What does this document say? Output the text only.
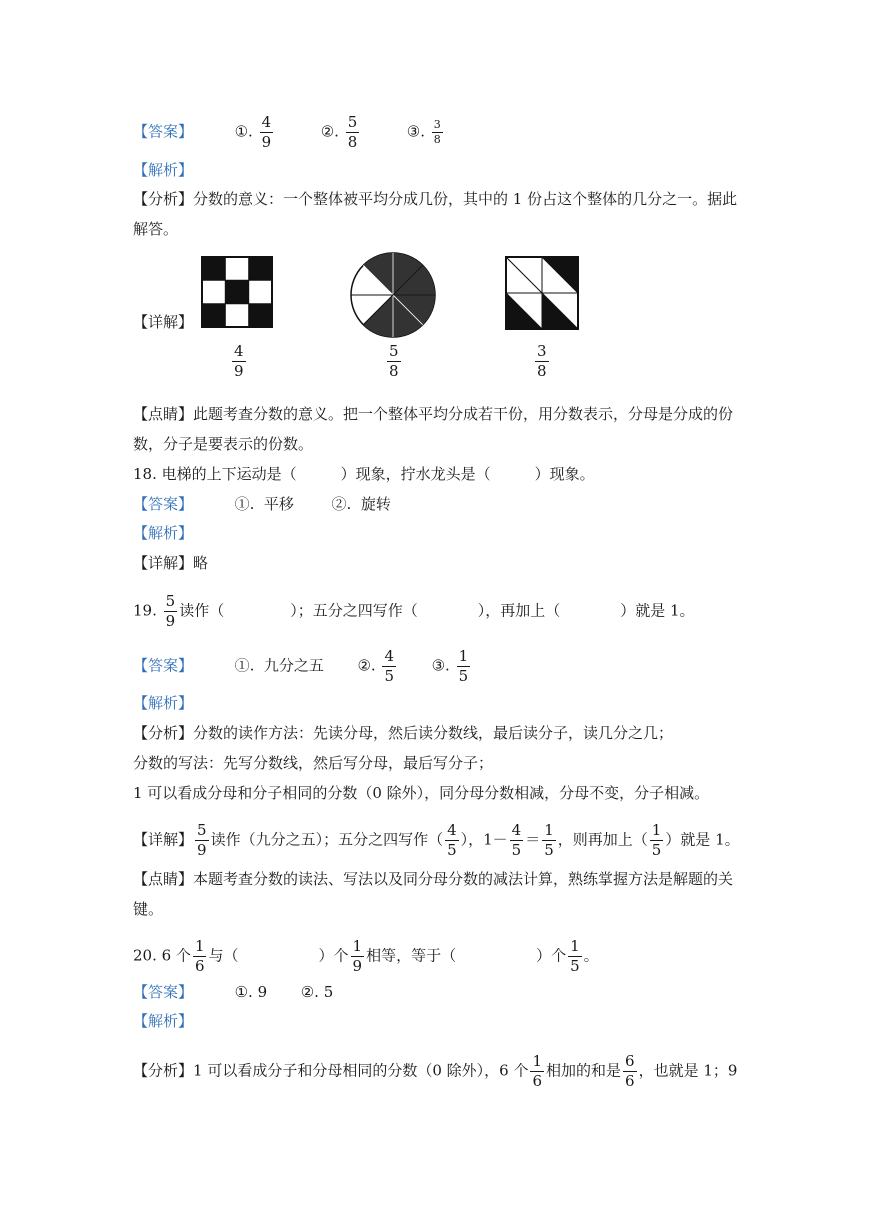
【答案】	①. $\frac{4}{9}$	②. $\frac{5}{8}$	③. $\frac{3}{8}$
【解析】
【分析】分数的意义：一个整体被平均分成几份，其中的 1 份占这个整体的几分之一。据此
解答。
【详解】
$\frac{4}{9}$	$\frac{5}{8}$	$\frac{3}{8}$
【点睛】此题考查分数的意义。把一个整体平均分成若干份，用分数表示，分母是分成的份
数，分子是要表示的份数。
18. 电梯的上下运动是（	）现象，拧水龙头是（	）现象。
【答案】	①. 平移	②. 旋转
【解析】
【详解】略
19. $\frac{5}{9}$ 读作（	）；五分之四写作（	），再加上（	）就是 1。
【答案】	①. 九分之五 ②. $\frac{4}{5}$ ③. $\frac{1}{5}$
【解析】
【分析】分数的读作方法：先读分母，然后读分数线，最后读分子，读几分之几；
分数的写法：先写分数线，然后写分母，最后写分子；
1 可以看成分母和分子相同的分数（0 除外），同分母分数相减，分母不变，分子相减。
【详解】 $\frac{5}{9}$ 读作（九分之五）；五分之四写作（ $\frac{4}{5}$ ），$1- \frac{4}{5} = \frac{1}{5}$ ，则再加上（ $\frac{1}{5}$ ）就是 1。
【点睛】本题考查分数的读法、写法以及同分母分数的减法计算，熟练掌握方法是解题的关
键。
20. 6 个 $\frac{1}{6}$ 与（	）个 $\frac{1}{9}$ 相等，等于（	）个 $\frac{1}{5}$ 。
【答案】	①. 9 ②. 5
【解析】
【分析】1 可以看成分子和分母相同的分数（0 除外），6 个 $\frac{1}{6}$ 相加的和是 $\frac{6}{6}$ ，也就是 1；9
